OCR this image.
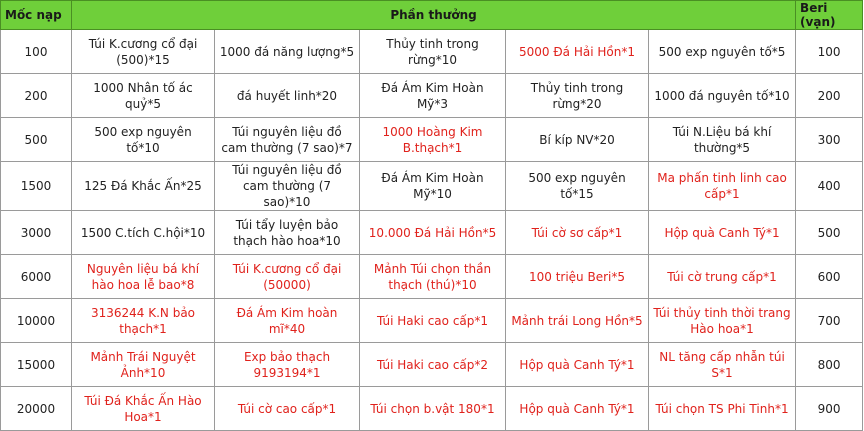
Mốc nạp	Phần thưởng					Beri (vạn)
100	Túi K.cương cổ đại (500)*15	1000 đá năng lượng*5	Thủy tinh trong rừng*10	5000 Đá Hải Hồn*1	500 exp nguyên tố*5	100
200	1000 Nhân tố ác quỷ*5	đá huyết linh*20	Đá Ám Kim Hoàn Mỹ*3	Thủy tinh trong rừng*20	1000 đá nguyên tố*10	200
500	500 exp nguyên tố*10	Túi nguyên liệu đồ cam thường (7 sao)*7	1000 Hoàng Kim B.thạch*1	Bí kíp NV*20	Túi N.Liệu bá khí thường*5	300
1500	125 Đá Khắc Ấn*25	Túi nguyên liệu đồ cam thường (7 sao)*10	Đá Ám Kim Hoàn Mỹ*10	500 exp nguyên tố*15	Ma phấn tinh linh cao cấp*1	400
3000	1500 C.tích C.hội*10	Túi tẩy luyện bảo thạch hào hoa*10	10.000 Đá Hải Hồn*5	Túi cờ sơ cấp*1	Hộp quà Canh Tý*1	500
6000	Nguyên liệu bá khí hào hoa lễ bao*8	Túi K.cương cổ đại (50000)	Mảnh Túi chọn thần thạch (thú)*10	100 triệu Beri*5	Túi cờ trung cấp*1	600
10000	3136244 K.N bảo thạch*1	Đá Ám Kim hoàn mĩ*40	Túi Haki cao cấp*1	Mảnh trái Long Hồn*5	Túi thủy tinh thời trang Hào hoa*1	700
15000	Mảnh Trái Nguyệt Ảnh*10	Exp bảo thạch 9193194*1	Túi Haki cao cấp*2	Hộp quà Canh Tý*1	NL tăng cấp nhẫn túi S*1	800
20000	Túi Đá Khắc Ấn Hào Hoa*1	Túi cờ cao cấp*1	Túi chọn b.vật 180*1	Hộp quà Canh Tý*1	Túi chọn TS Phi Tinh*1	900
